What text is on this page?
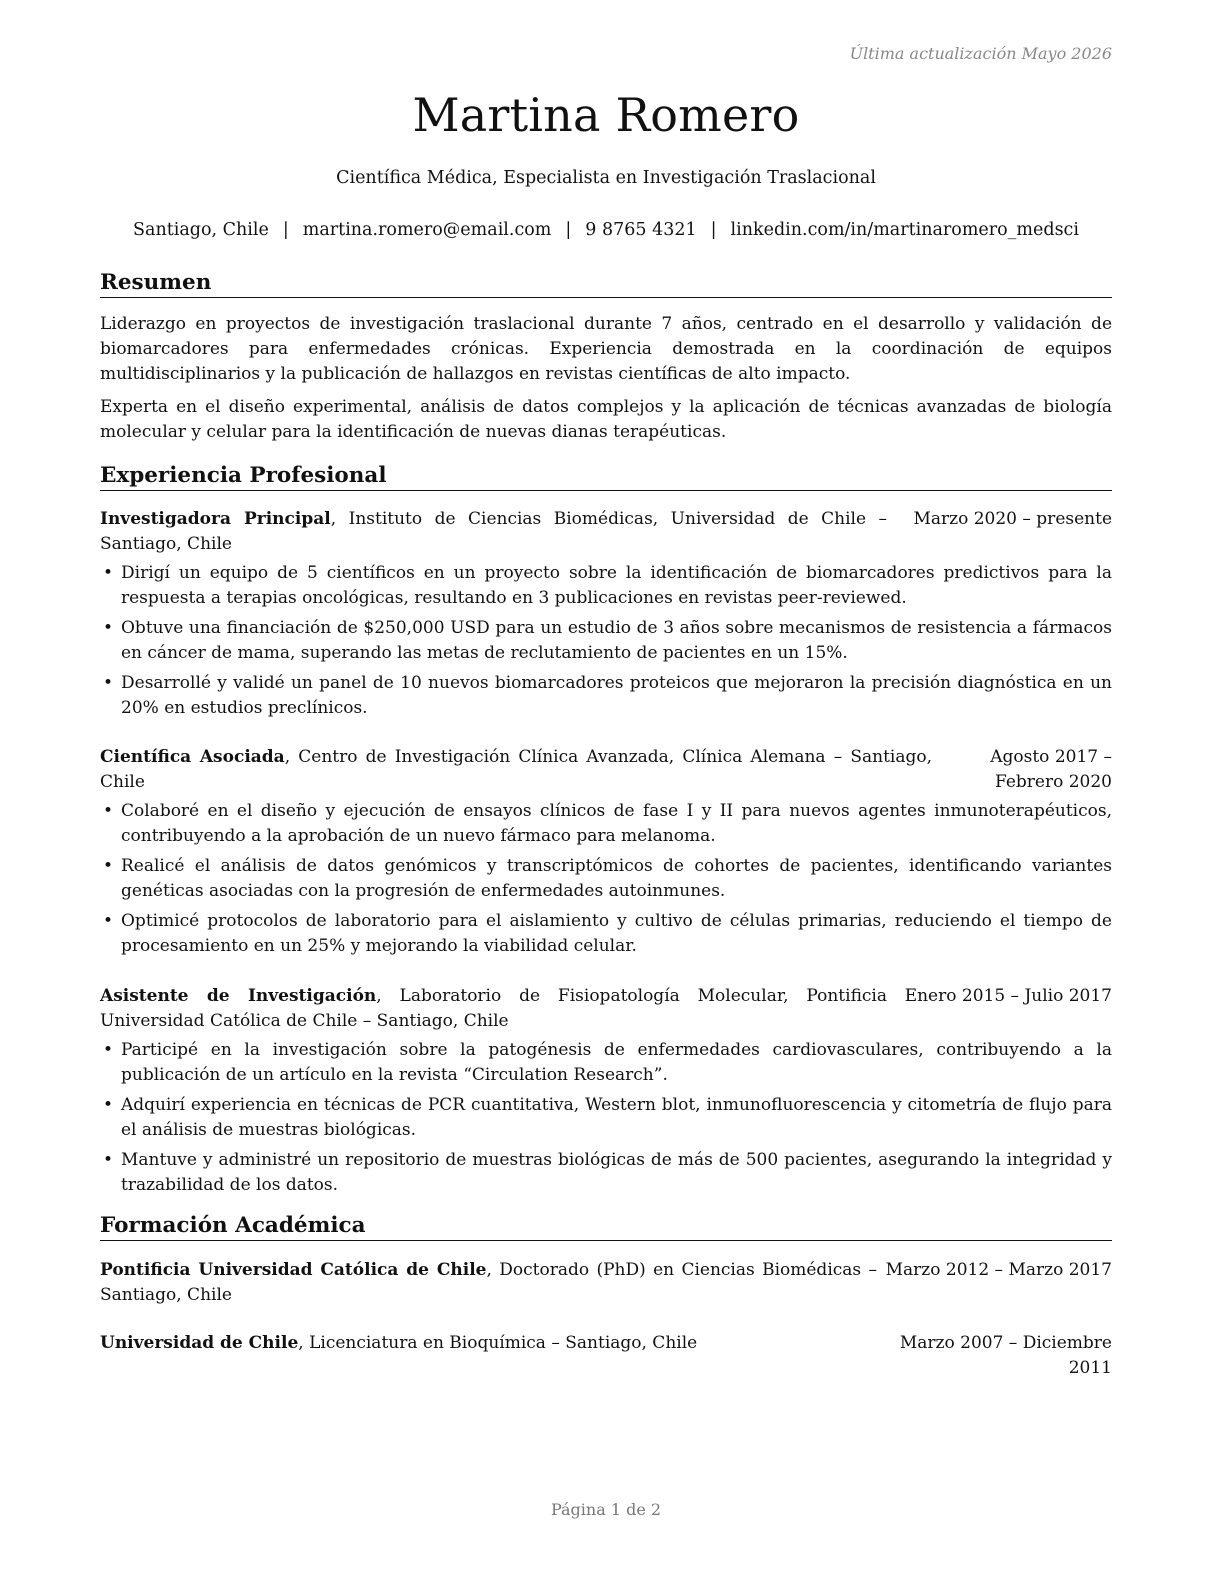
Última actualización Mayo 2026
Martina Romero
Científica Médica, Especialista en Investigación Traslacional
Santiago, Chile | martina.romero@email.com | 9 8765 4321 | linkedin.com/in/martinaromero_medsci
Resumen

Liderazgo en proyectos de investigación traslacional durante 7 años, centrado en el desarrollo y validación de biomarcadores para enfermedades crónicas. Experiencia demostrada en la coordinación de equipos multidisciplinarios y la publicación de hallazgos en revistas científicas de alto impacto.

Experta en el diseño experimental, análisis de datos complejos y la aplicación de técnicas avanzadas de biología molecular y celular para la identificación de nuevas dianas terapéuticas.

Experiencia Profesional
Investigadora Principal, Instituto de Ciencias Biomédicas, Universidad de Chile – Santiago, Chile
Marzo 2020 – presente
• Dirigí un equipo de 5 científicos en un proyecto sobre la identificación de biomarcadores predictivos para la respuesta a terapias oncológicas, resultando en 3 publicaciones en revistas peer-reviewed.
• Obtuve una financiación de $250,000 USD para un estudio de 3 años sobre mecanismos de resistencia a fármacos en cáncer de mama, superando las metas de reclutamiento de pacientes en un 15%.
• Desarrollé y validé un panel de 10 nuevos biomarcadores proteicos que mejoraron la precisión diagnóstica en un 20% en estudios preclínicos.
Científica Asociada, Centro de Investigación Clínica Avanzada, Clínica Alemana – Santiago, Chile
Agosto 2017 – Febrero 2020
• Colaboré en el diseño y ejecución de ensayos clínicos de fase I y II para nuevos agentes inmunoterapéuticos, contribuyendo a la aprobación de un nuevo fármaco para melanoma.
• Realicé el análisis de datos genómicos y transcriptómicos de cohortes de pacientes, identificando variantes genéticas asociadas con la progresión de enfermedades autoinmunes.
• Optimicé protocolos de laboratorio para el aislamiento y cultivo de células primarias, reduciendo el tiempo de procesamiento en un 25% y mejorando la viabilidad celular.
Asistente de Investigación, Laboratorio de Fisiopatología Molecular, Pontificia Universidad Católica de Chile – Santiago, Chile
Enero 2015 – Julio 2017
• Participé en la investigación sobre la patogénesis de enfermedades cardiovasculares, contribuyendo a la publicación de un artículo en la revista “Circulation Research”.
• Adquirí experiencia en técnicas de PCR cuantitativa, Western blot, inmunofluorescencia y citometría de flujo para el análisis de muestras biológicas.
• Mantuve y administré un repositorio de muestras biológicas de más de 500 pacientes, asegurando la integridad y trazabilidad de los datos.
Formación Académica
Pontificia Universidad Católica de Chile, Doctorado (PhD) en Ciencias Biomédicas – Santiago, Chile
Marzo 2012 – Marzo 2017
Universidad de Chile, Licenciatura en Bioquímica – Santiago, Chile	Marzo 2007 – Diciembre 2011
Página 1 de 2
